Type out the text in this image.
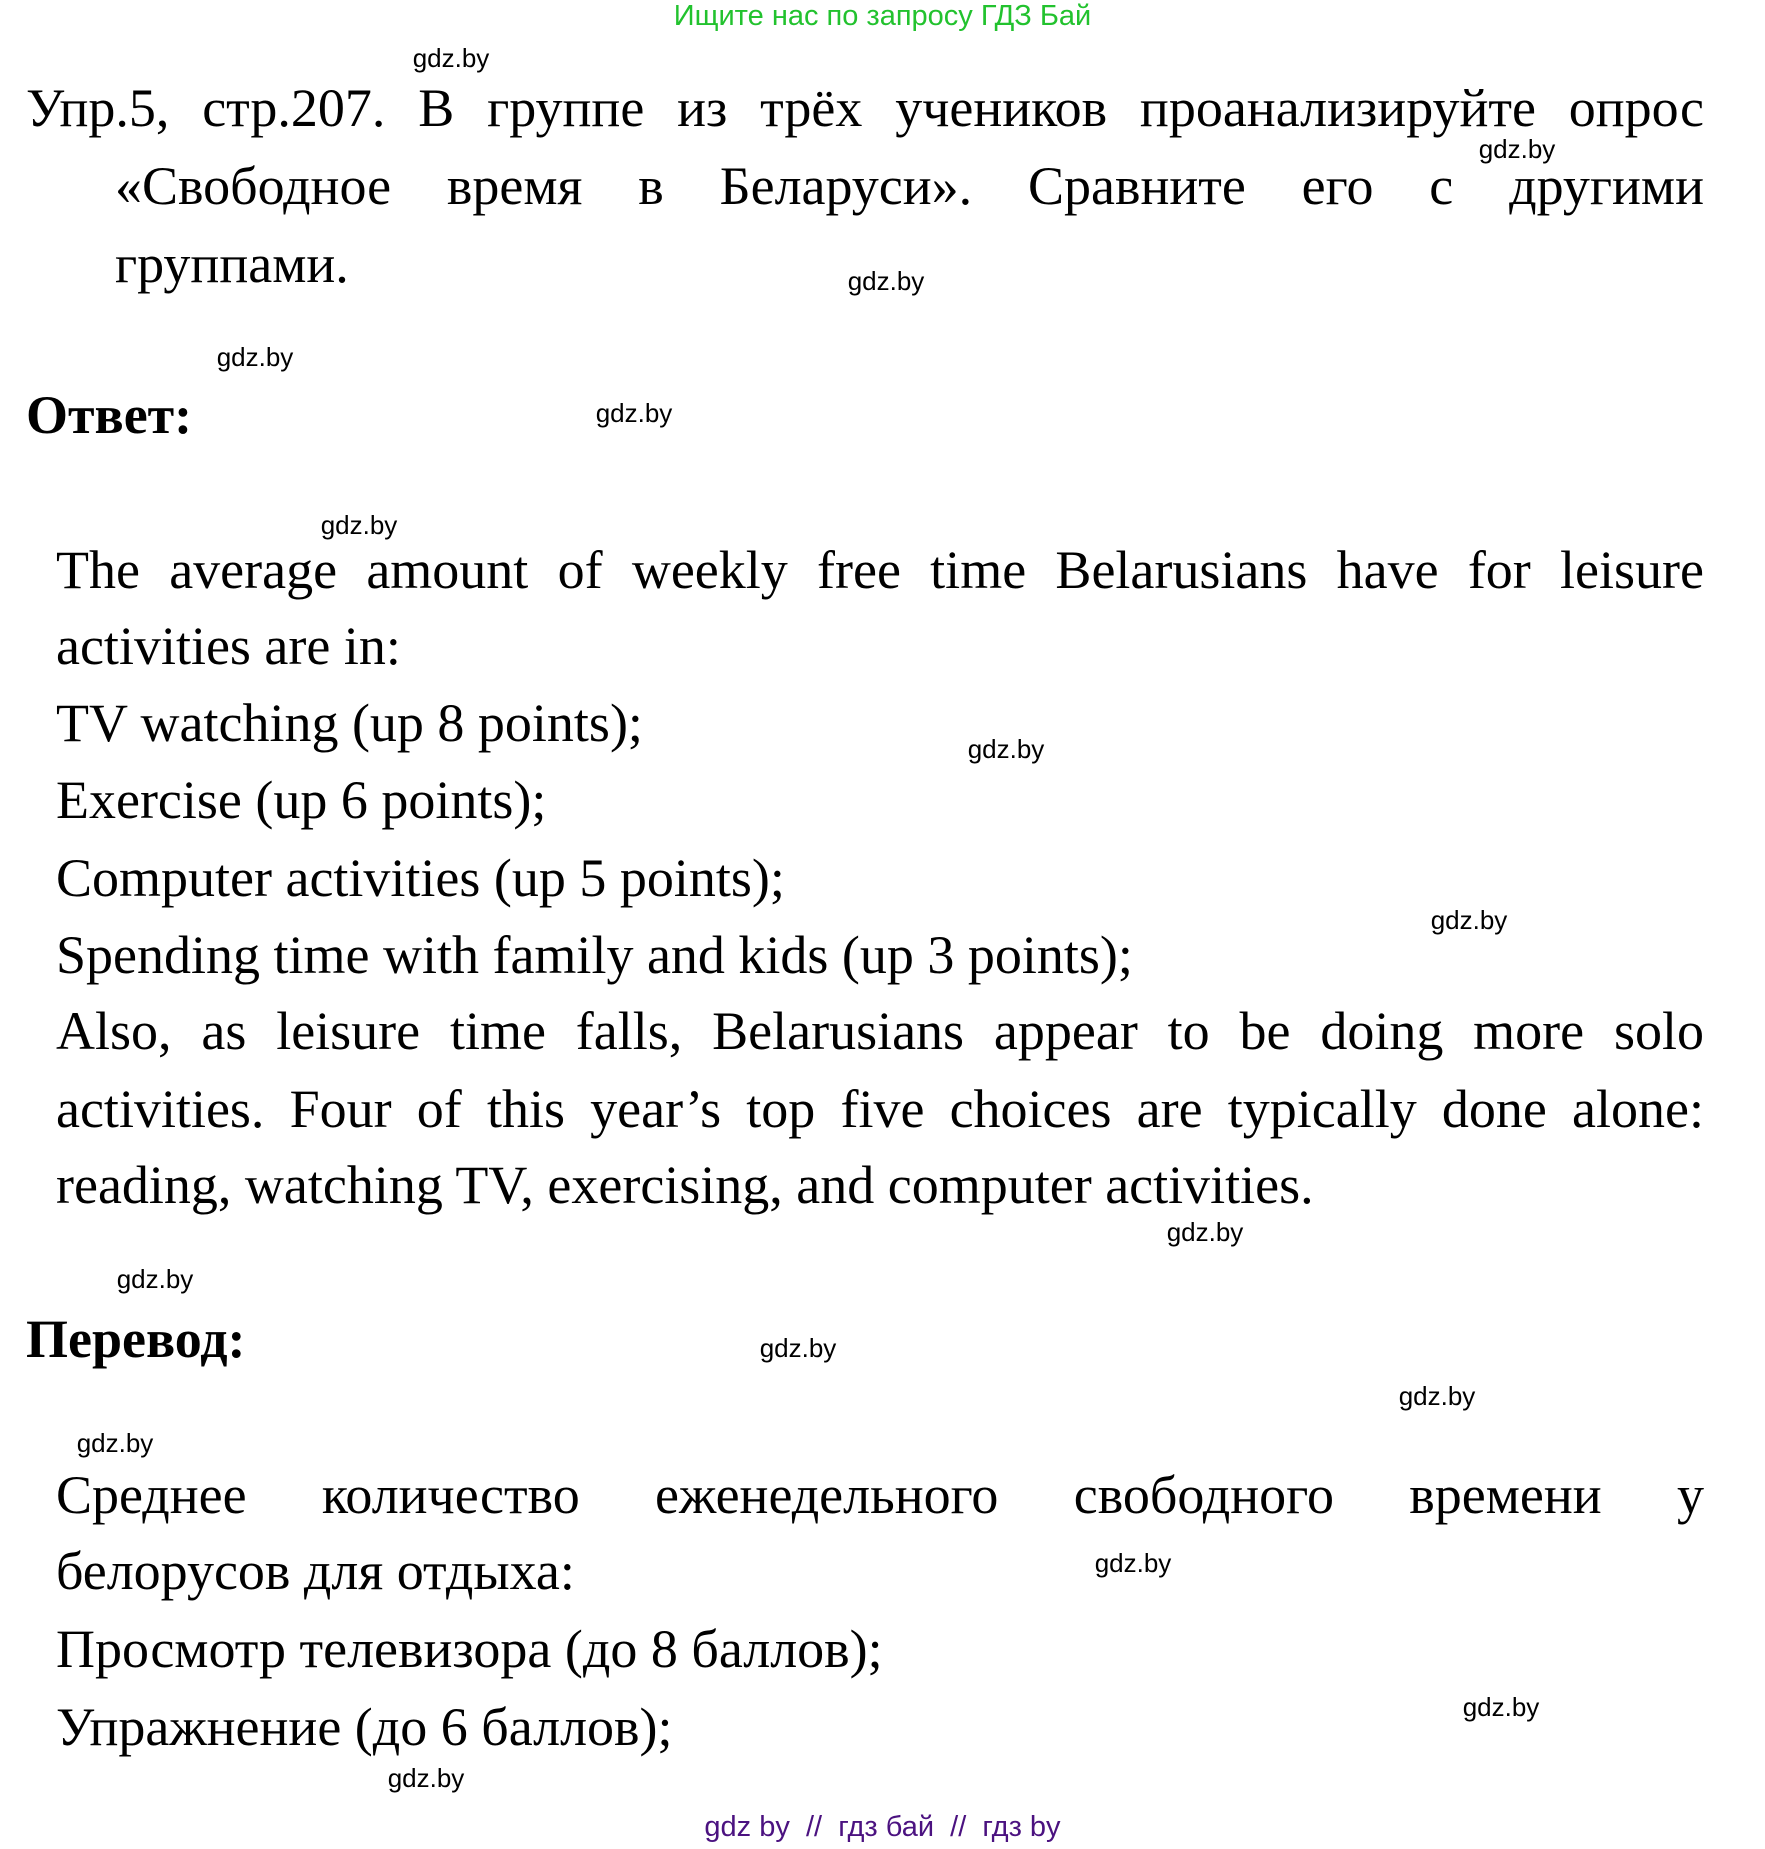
Ищите нас по запросу ГДЗ Бай
Упр.5, стр.207. В группе из трёх учеников проанализируйте опрос
«Свободное время в Беларуси». Сравните его с другими
группами.
Ответ:
The average amount of weekly free time Belarusians have for leisure
activities are in:
TV watching (up 8 points);
Exercise (up 6 points);
Computer activities (up 5 points);
Spending time with family and kids (up 3 points);
Also, as leisure time falls, Belarusians appear to be doing more solo
activities. Four of this year’s top five choices are typically done alone:
reading, watching TV, exercising, and computer activities.
Перевод:
Среднее количество еженедельного свободного времени у
белорусов для отдыха:
Просмотр телевизора (до 8 баллов);
Упражнение (до 6 баллов);
gdz.by
gdz.by
gdz.by
gdz.by
gdz.by
gdz.by
gdz.by
gdz.by
gdz.by
gdz.by
gdz.by
gdz.by
gdz.by
gdz.by
gdz.by
gdz.by
gdz by  //  гдз бай  //  гдз by
